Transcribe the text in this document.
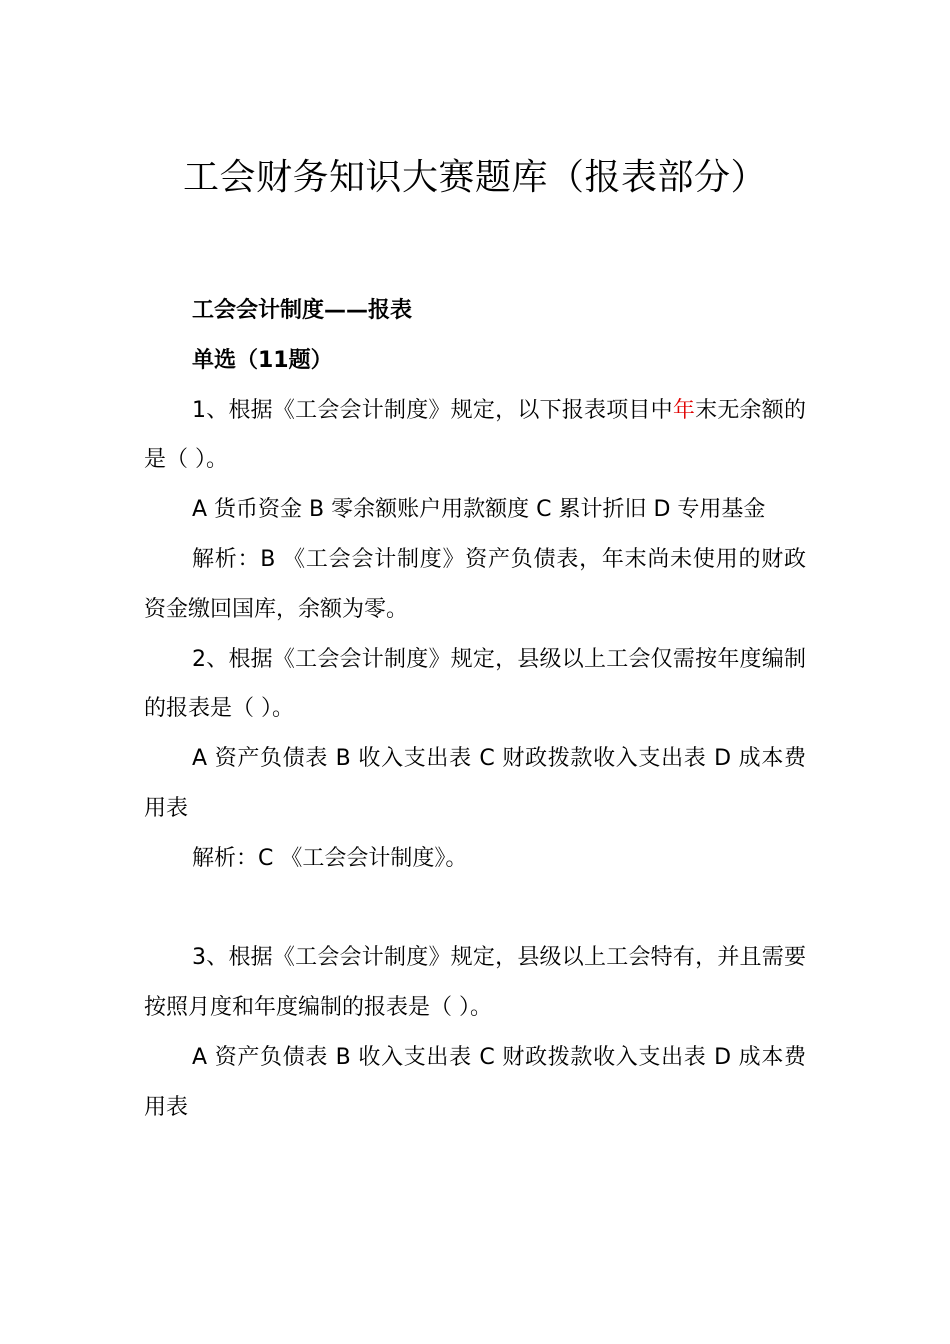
工会财务知识大赛题库（报表部分）

工会会计制度——报表

单选（11题）

1、根据《工会会计制度》规定，以下报表项目中年末无余额的是（ ）。

A 货币资金 B 零余额账户用款额度 C 累计折旧 D 专用基金

解析：B 《工会会计制度》资产负债表，年末尚未使用的财政资金缴回国库，余额为零。

2、根据《工会会计制度》规定，县级以上工会仅需按年度编制的报表是（ ）。

A 资产负债表 B 收入支出表 C 财政拨款收入支出表 D 成本费用表

解析：C 《工会会计制度》。

3、根据《工会会计制度》规定，县级以上工会特有，并且需要按照月度和年度编制的报表是（ ）。

A 资产负债表 B 收入支出表 C 财政拨款收入支出表 D 成本费用表
